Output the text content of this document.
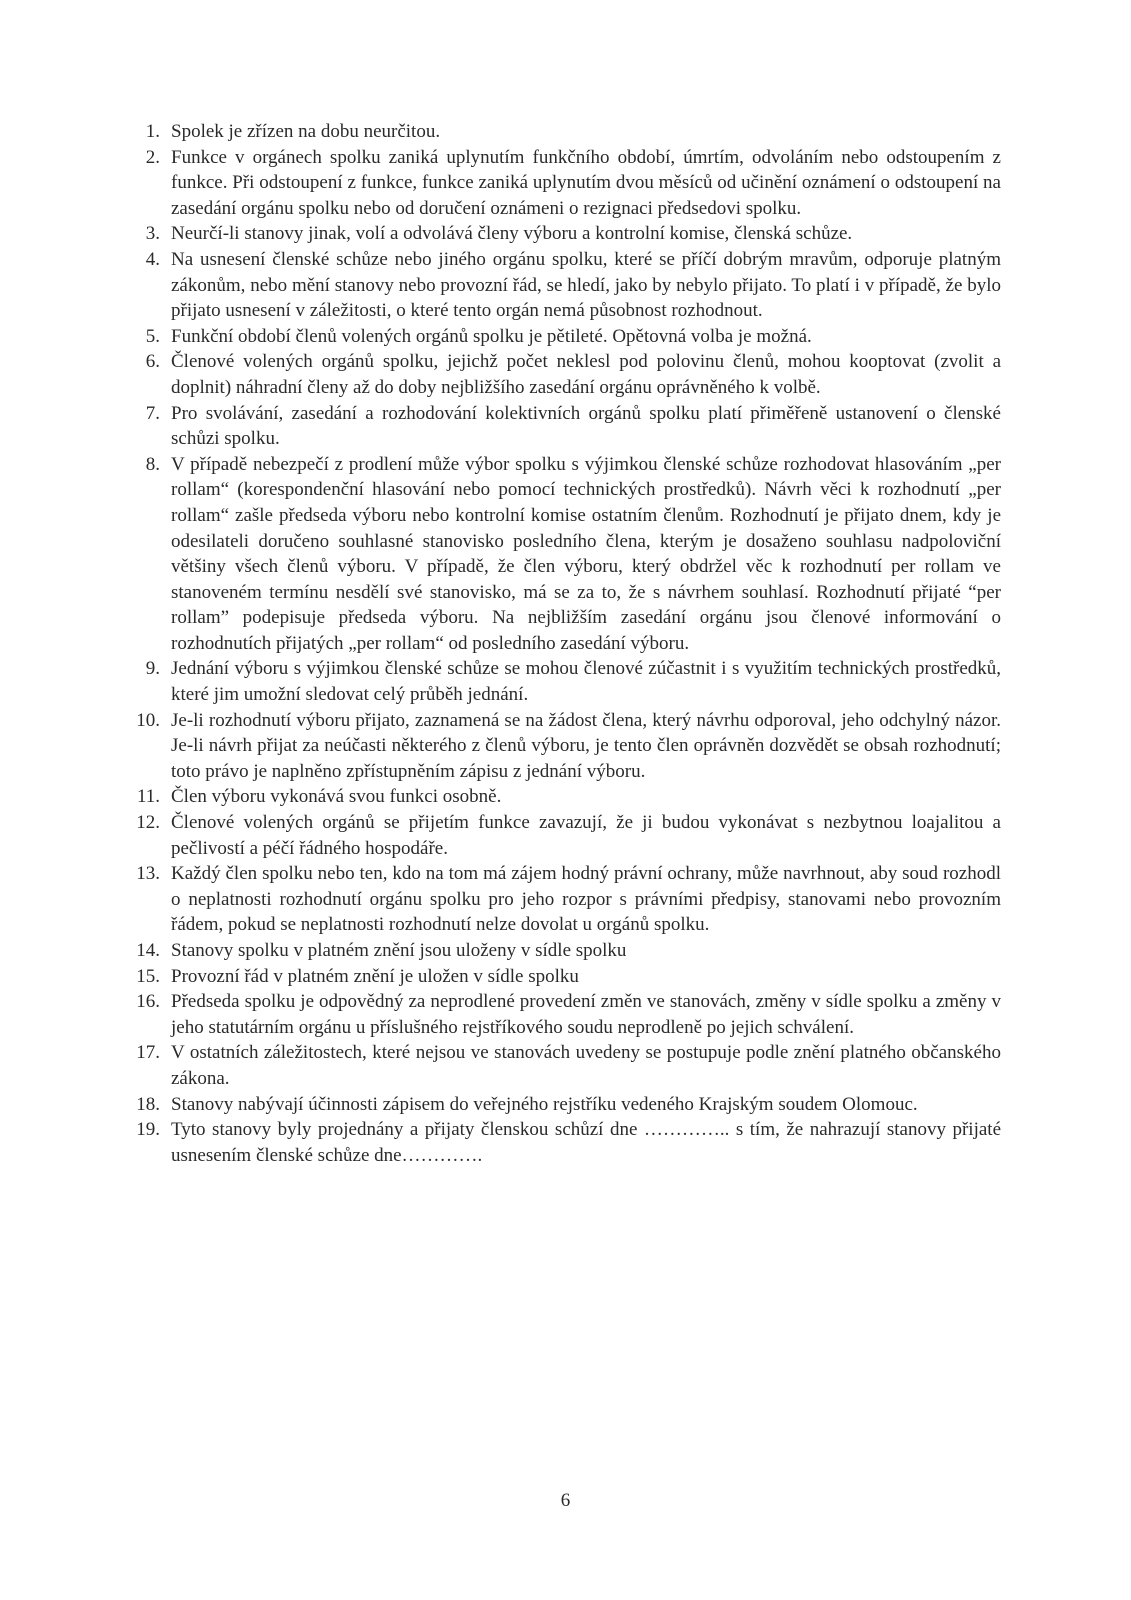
1. Spolek je zřízen na dobu neurčitou.
2. Funkce v orgánech spolku zaniká uplynutím funkčního období, úmrtím, odvoláním nebo odstoupením z funkce. Při odstoupení z funkce, funkce zaniká uplynutím dvou měsíců od učinění oznámení o odstoupení na zasedání orgánu spolku nebo od doručení oznámeni o rezignaci předsedovi spolku.
3. Neurčí-li stanovy jinak, volí a odvolává členy výboru a kontrolní komise, členská schůze.
4. Na usnesení členské schůze nebo jiného orgánu spolku, které se příčí dobrým mravům, odporuje platným zákonům, nebo mění stanovy nebo provozní řád, se hledí, jako by nebylo přijato. To platí i v případě, že bylo přijato usnesení v záležitosti, o které tento orgán nemá působnost rozhodnout.
5. Funkční období členů volených orgánů spolku je pětileté. Opětovná volba je možná.
6. Členové volených orgánů spolku, jejichž počet neklesl pod polovinu členů, mohou kooptovat (zvolit a doplnit) náhradní členy až do doby nejbližšího zasedání orgánu oprávněného k volbě.
7. Pro svolávání, zasedání a rozhodování kolektivních orgánů spolku platí přiměřeně ustanovení o členské schůzi spolku.
8. V případě nebezpečí z prodlení může výbor spolku s výjimkou členské schůze rozhodovat hlasováním „per rollam“ (korespondenční hlasování nebo pomocí technických prostředků). Návrh věci k rozhodnutí „per rollam“ zašle předseda výboru nebo kontrolní komise ostatním členům. Rozhodnutí je přijato dnem, kdy je odesilateli doručeno souhlasné stanovisko posledního člena, kterým je dosaženo souhlasu nadpoloviční většiny všech členů výboru. V případě, že člen výboru, který obdržel věc k rozhodnutí per rollam ve stanoveném termínu nesdělí své stanovisko, má se za to, že s návrhem souhlasí. Rozhodnutí přijaté “per rollam” podepisuje předseda výboru. Na nejbližším zasedání orgánu jsou členové informování o rozhodnutích přijatých „per rollam“ od posledního zasedání výboru.
9. Jednání výboru s výjimkou členské schůze se mohou členové zúčastnit i s využitím technických prostředků, které jim umožní sledovat celý průběh jednání.
10. Je-li rozhodnutí výboru přijato, zaznamená se na žádost člena, který návrhu odporoval, jeho odchylný názor. Je-li návrh přijat za neúčasti některého z členů výboru, je tento člen oprávněn dozvědět se obsah rozhodnutí; toto právo je naplněno zpřístupněním zápisu z jednání výboru.
11. Člen výboru vykonává svou funkci osobně.
12. Členové volených orgánů se přijetím funkce zavazují, že ji budou vykonávat s nezbytnou loajalitou a pečlivostí a péčí řádného hospodáře.
13. Každý člen spolku nebo ten, kdo na tom má zájem hodný právní ochrany, může navrhnout, aby soud rozhodl o neplatnosti rozhodnutí orgánu spolku pro jeho rozpor s právními předpisy, stanovami nebo provozním řádem, pokud se neplatnosti rozhodnutí nelze dovolat u orgánů spolku.
14. Stanovy spolku v platném znění jsou uloženy v sídle spolku
15. Provozní řád v platném znění je uložen v sídle spolku
16. Předseda spolku je odpovědný za neprodlené provedení změn ve stanovách, změny v sídle spolku a změny v jeho statutárním orgánu u příslušného rejstříkového soudu neprodleně po jejich schválení.
17. V ostatních záležitostech, které nejsou ve stanovách uvedeny se postupuje podle znění platného občanského zákona.
18. Stanovy nabývají účinnosti zápisem do veřejného rejstříku vedeného Krajským soudem Olomouc.
19. Tyto stanovy byly projednány a přijaty členskou schůzí dne ………….. s tím, že nahrazují stanovy přijaté usnesením členské schůze dne………….
6
